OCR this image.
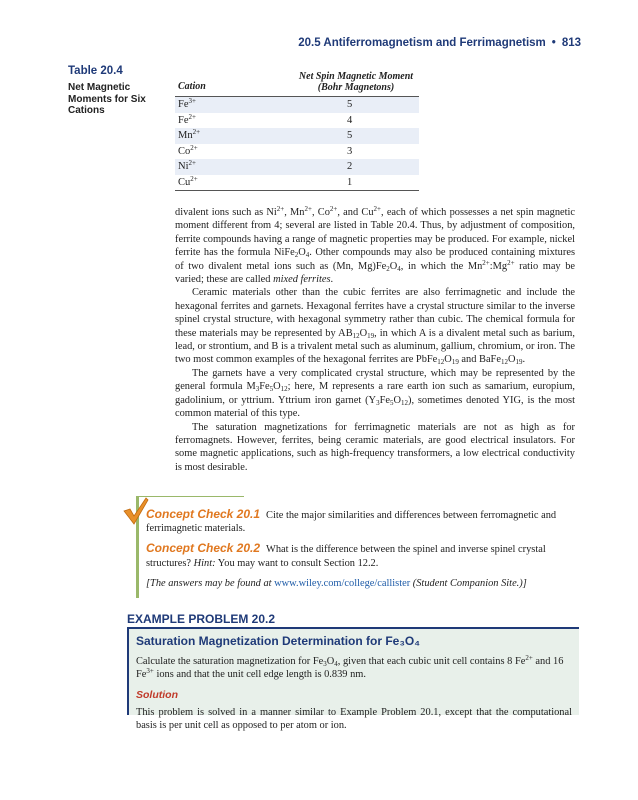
20.5 Antiferromagnetism and Ferrimagnetism • 813
Table 20.4
Net Magnetic Moments for Six Cations
Cation
Net Spin Magnetic Moment
(Bohr Magnetons)
$Fe^{3+}$	5
$Fe^{2+}$	4
$Mn^{2+}$	5
$Co^{2+}$	3
$Ni^{2+}$	2
$Cu^{2+}$	1

divalent ions such as $Ni^{2+}$, $Mn^{2+}$, $Co^{2+}$, and $Cu^{2+}$, each of which possesses a net spin magnetic moment different from 4; several are listed in Table 20.4. Thus, by adjustment of composition, ferrite compounds having a range of magnetic properties may be produced. For example, nickel ferrite has the formula $NiFe_2O_4$. Other compounds may also be produced containing mixtures of two divalent metal ions such as (Mn, $Mg)Fe_2O_4$, in which the $Mn^{2+}:Mg^{2+}$ ratio may be varied; these are called mixed ferrites.

Ceramic materials other than the cubic ferrites are also ferrimagnetic and include the hexagonal ferrites and garnets. Hexagonal ferrites have a crystal structure similar to the inverse spinel crystal structure, with hexagonal symmetry rather than cubic. The chemical formula for these materials may be represented by $AB_{12}O_{19}$, in which A is a divalent metal such as barium, lead, or strontium, and B is a trivalent metal such as aluminum, gallium, chromium, or iron. The two most common examples of the hexagonal ferrites are $PbFe_{12}O_{19}$ and $BaFe_{12}O_{19}$.

The garnets have a very complicated crystal structure, which may be represented by the general formula $M_3Fe_5O_{12}$; here, M represents a rare earth ion such as samarium, europium, gadolinium, or yttrium. Yttrium iron garnet $(Y_3Fe_5O_{12})$, sometimes denoted YIG, is the most common material of this type.

The saturation magnetizations for ferrimagnetic materials are not as high as for ferromagnets. However, ferrites, being ceramic materials, are good electrical insulators. For some magnetic applications, such as high-frequency transformers, a low electrical conductivity is most desirable.

Concept Check 20.1 Cite the major similarities and differences between ferromagnetic and ferrimagnetic materials.

Concept Check 20.2 What is the difference between the spinel and inverse spinel crystal structures? Hint: You may want to consult Section 12.2.

[The answers may be found at www.wiley.com/college/callister (Student Companion Site.)]

EXAMPLE PROBLEM 20.2
Saturation Magnetization Determination for Fe₃O₄

Calculate the saturation magnetization for $Fe_3O_4$, given that each cubic unit cell contains 8 $Fe^{2+}$ and 16 $Fe^{3+}$ ions and that the unit cell edge length is 0.839 nm.

Solution

This problem is solved in a manner similar to Example Problem 20.1, except that the computational basis is per unit cell as opposed to per atom or ion.
